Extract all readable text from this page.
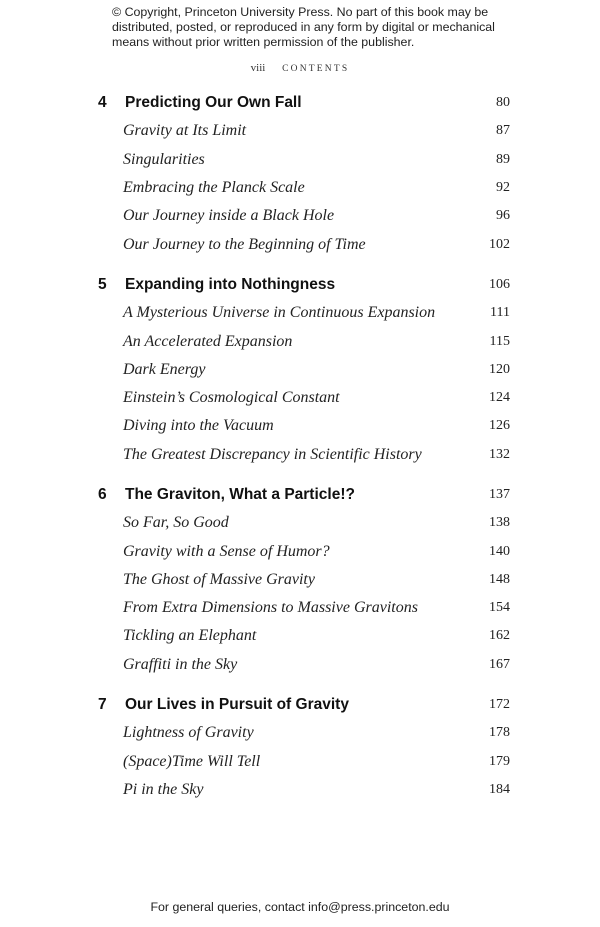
© Copyright, Princeton University Press. No part of this book may be distributed, posted, or reproduced in any form by digital or mechanical means without prior written permission of the publisher.
viii CONTENTS
4	Predicting Our Own Fall	80
Gravity at Its Limit	87
Singularities	89
Embracing the Planck Scale	92
Our Journey inside a Black Hole	96
Our Journey to the Beginning of Time	102
5	Expanding into Nothingness	106
A Mysterious Universe in Continuous Expansion	111
An Accelerated Expansion	115
Dark Energy	120
Einstein’s Cosmological Constant	124
Diving into the Vacuum	126
The Greatest Discrepancy in Scientific History	132
6	The Graviton, What a Particle!?	137
So Far, So Good	138
Gravity with a Sense of Humor?	140
The Ghost of Massive Gravity	148
From Extra Dimensions to Massive Gravitons	154
Tickling an Elephant	162
Graffiti in the Sky	167
7	Our Lives in Pursuit of Gravity	172
Lightness of Gravity	178
(Space)Time Will Tell	179
Pi in the Sky	184
For general queries, contact info@press.princeton.edu
